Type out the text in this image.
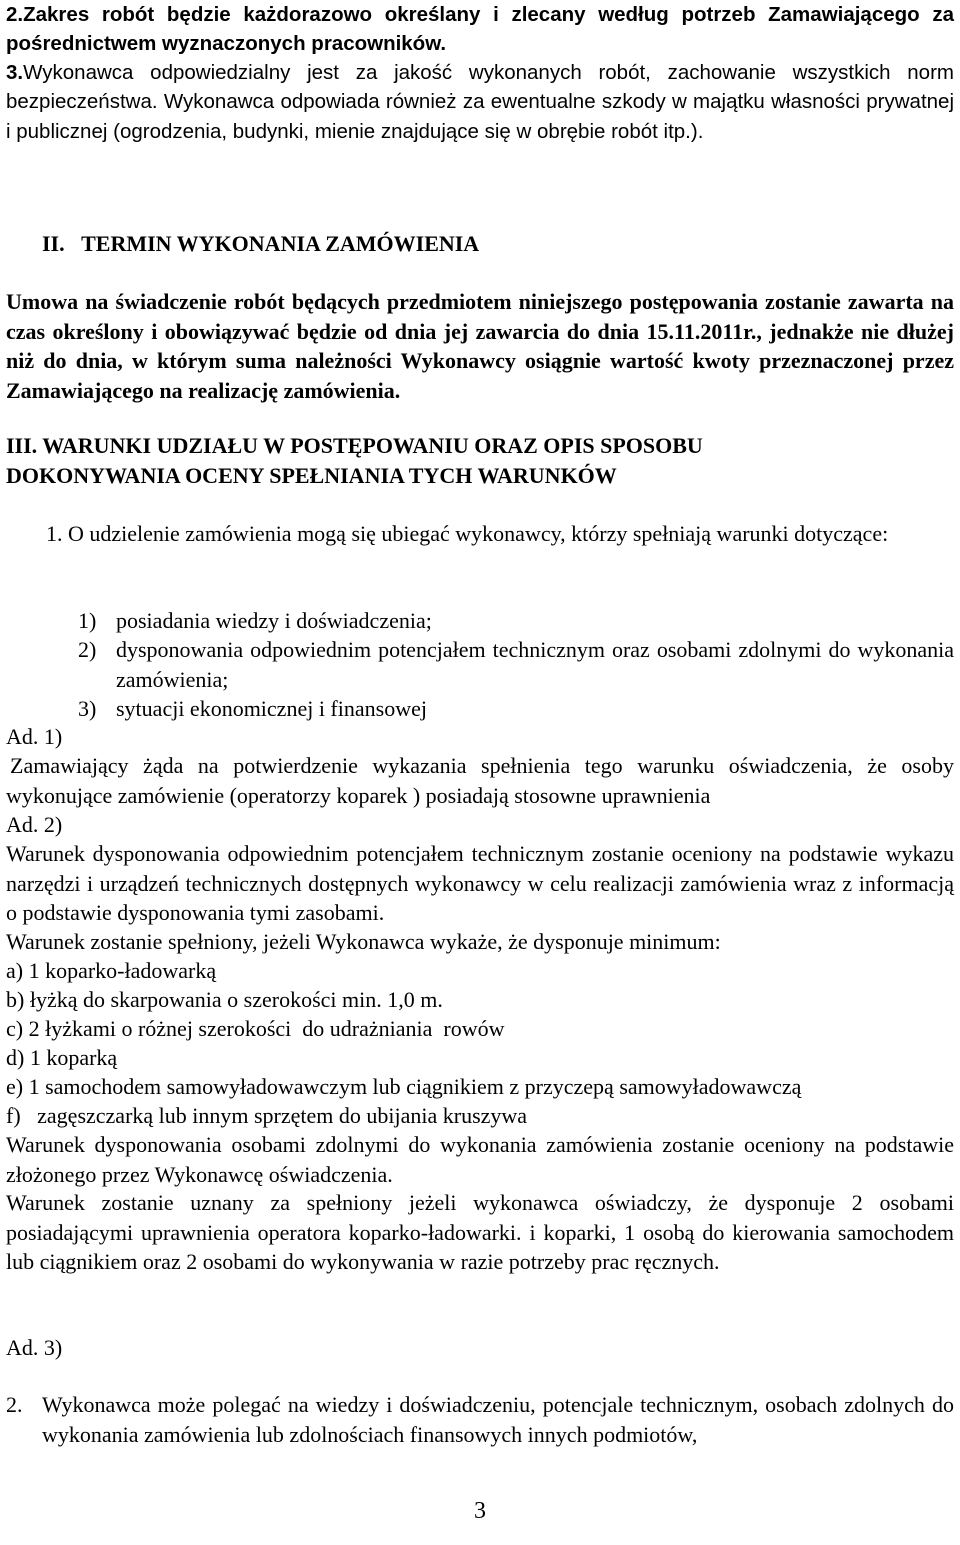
2.Zakres robót będzie każdorazowo określany i zlecany według potrzeb Zamawiającego za pośrednictwem wyznaczonych pracowników.

3.Wykonawca odpowiedzialny jest za jakość wykonanych robót, zachowanie wszystkich norm bezpieczeństwa. Wykonawca odpowiada również za ewentualne szkody w majątku własności prywatnej i publicznej (ogrodzenia, budynki, mienie znajdujące się w obrębie robót itp.).

II. TERMIN WYKONANIA ZAMÓWIENIA

Umowa na świadczenie robót będących przedmiotem niniejszego postępowania zostanie zawarta na czas określony i obowiązywać będzie od dnia jej zawarcia do dnia 15.11.2011r., jednakże nie dłużej niż do dnia, w którym suma należności Wykonawcy osiągnie wartość kwoty przeznaczonej przez Zamawiającego na realizację zamówienia.

III. WARUNKI UDZIAŁU W POSTĘPOWANIU ORAZ OPIS SPOSOBU
DOKONYWANIA OCENY SPEŁNIANIA TYCH WARUNKÓW

1. O udzielenie zamówienia mogą się ubiegać wykonawcy, którzy spełniają warunki dotyczące:

1) posiadania wiedzy i doświadczenia;
2) dysponowania odpowiednim potencjałem technicznym oraz osobami zdolnymi do wykonania zamówienia;
3) sytuacji ekonomicznej i finansowej
Ad. 1)

Zamawiający żąda na potwierdzenie wykazania spełnienia tego warunku oświadczenia, że osoby wykonujące zamówienie (operatorzy koparek ) posiadają stosowne uprawnienia

Ad. 2)

Warunek dysponowania odpowiednim potencjałem technicznym zostanie oceniony na podstawie wykazu narzędzi i urządzeń technicznych dostępnych wykonawcy w celu realizacji zamówienia wraz z informacją o podstawie dysponowania tymi zasobami.

Warunek zostanie spełniony, jeżeli Wykonawca wykaże, że dysponuje minimum:

a) 1 koparko-ładowarką
b) łyżką do skarpowania o szerokości min. 1,0 m.
c) 2 łyżkami o różnej szerokości  do udrażniania  rowów
d) 1 koparką
e) 1 samochodem samowyładowawczym lub ciągnikiem z przyczepą samowyładowawczą
f)   zagęszczarką lub innym sprzętem do ubijania kruszywa

Warunek dysponowania osobami zdolnymi do wykonania zamówienia zostanie oceniony na podstawie złożonego przez Wykonawcę oświadczenia.

Warunek zostanie uznany za spełniony jeżeli wykonawca oświadczy, że dysponuje 2 osobami posiadającymi uprawnienia operatora koparko-ładowarki. i koparki, 1 osobą do kierowania samochodem lub ciągnikiem oraz 2 osobami do wykonywania w razie potrzeby prac ręcznych.

Ad. 3)
2. Wykonawca może polegać na wiedzy i doświadczeniu, potencjale technicznym, osobach zdolnych do wykonania zamówienia lub zdolnościach finansowych innych podmiotów,

3
